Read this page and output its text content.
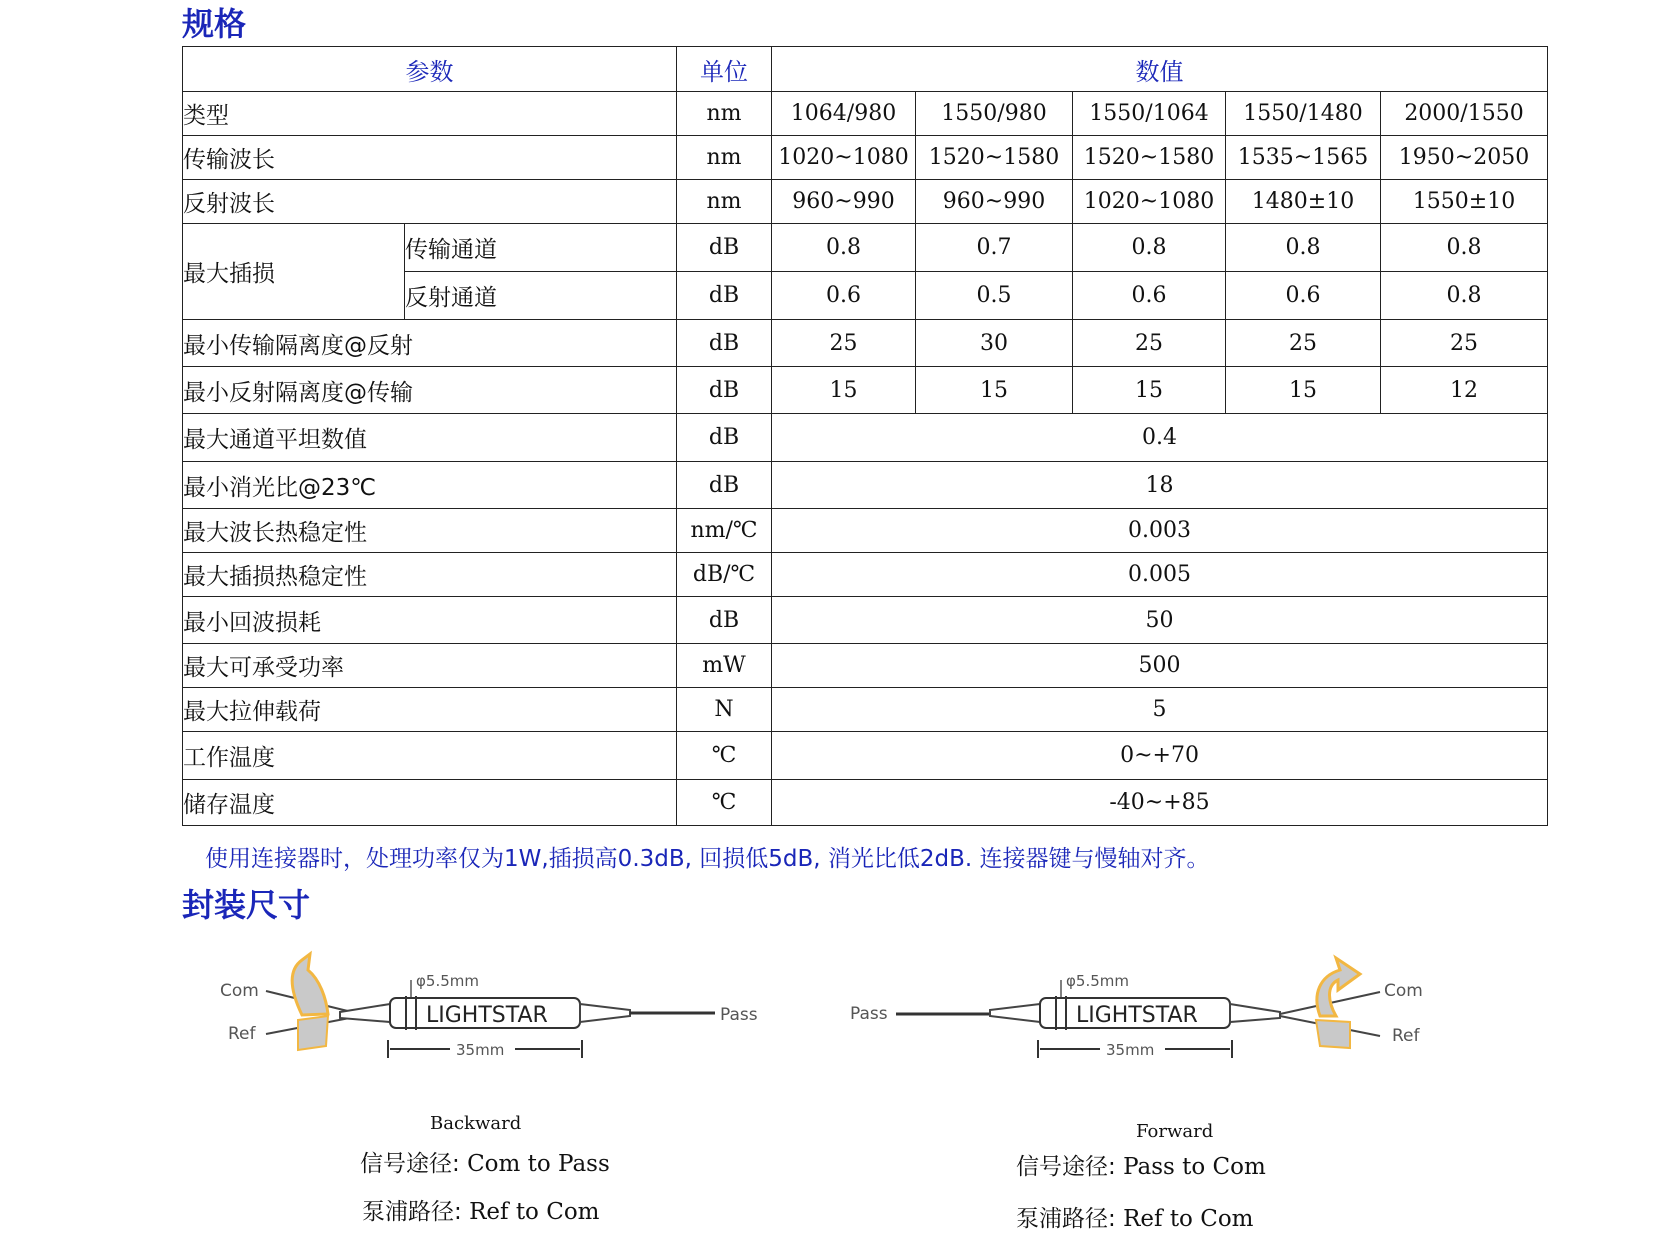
规格
参数		单位	数值				
类型		nm	1064/980	1550/980	1550/1064	1550/1480	2000/1550
传输波长		nm	1020~1080	1520~1580	1520~1580	1535~1565	1950~2050
反射波长		nm	960~990	960~990	1020~1080	1480±10	1550±10
最大插损	传输通道	dB	0.8	0.7	0.8	0.8	0.8
	反射通道	dB	0.6	0.5	0.6	0.6	0.8
最小传输隔离度@反射		dB	25	30	25	25	25
最小反射隔离度@传输		dB	15	15	15	15	12
最大通道平坦数值		dB	0.4				
最小消光比@23℃		dB	18				
最大波长热稳定性		nm/℃	0.003				
最大插损热稳定性		dB/℃	0.005				
最小回波损耗		dB	50				
最大可承受功率		mW	500				
最大拉伸载荷		N	5				
工作温度		℃	0~+70				
储存温度		℃	-40~+85				
使用连接器时，处理功率仅为1W,插损高0.3dB, 回损低5dB, 消光比低2dB. 连接器键与慢轴对齐。
封装尺寸
Com
Ref
LIGHTSTAR
φ5.5mm
Pass
35mm
Pass	LIGHTSTAR
φ5.5mm	Com
Ref
35mm
Backward
信号途径: Com to Pass
泵浦路径: Ref to Com
Forward
信号途径: Pass to Com
泵浦路径: Ref to Com
